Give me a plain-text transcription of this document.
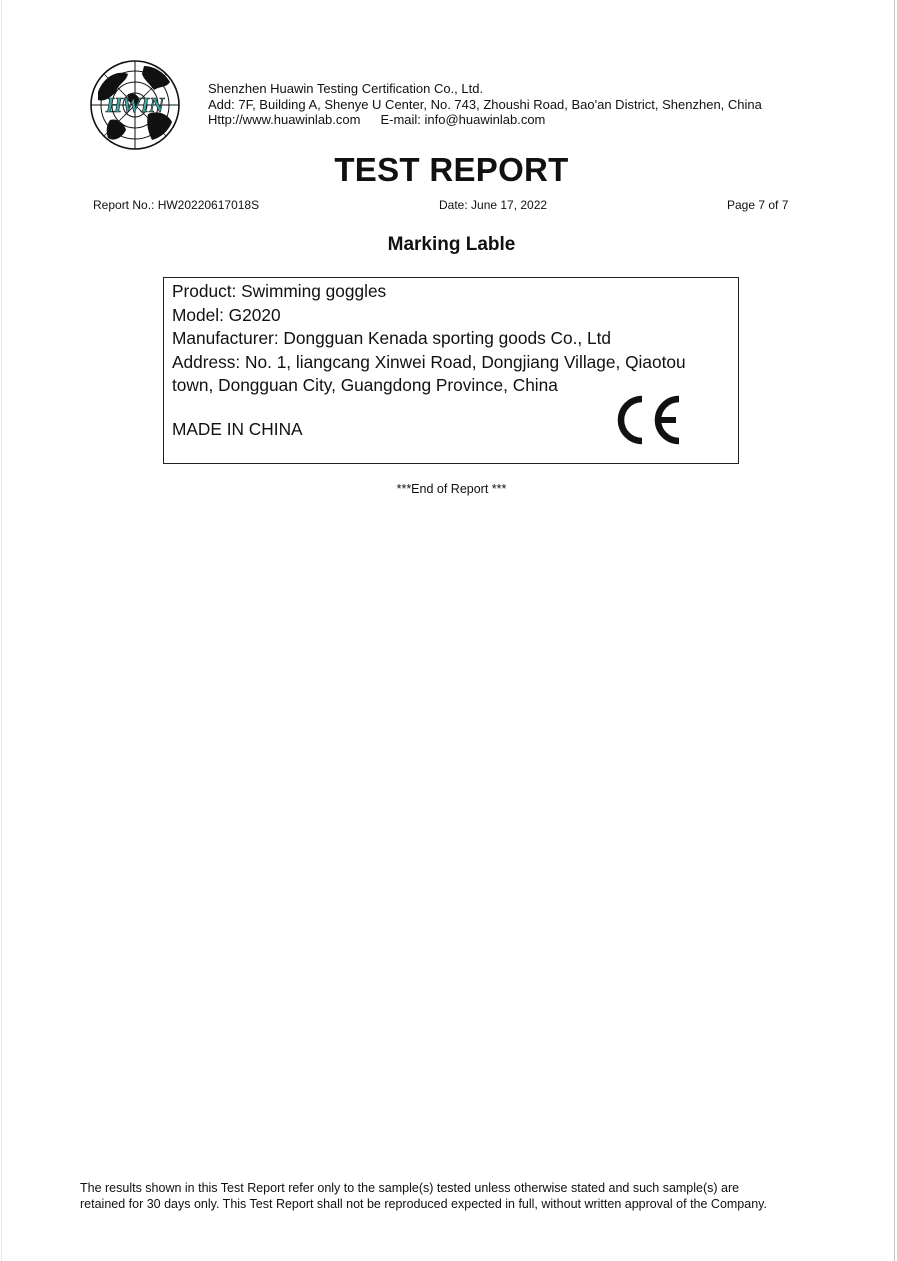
HWIN
Shenzhen Huawin Testing Certification Co., Ltd.
Add: 7F, Building A, Shenye U Center, No. 743, Zhoushi Road, Bao'an District, Shenzhen, China
Http://www.huawinlab.com E-mail: info@huawinlab.com
TEST REPORT
Report No.: HW20220617018S	Date: June 17, 2022	Page 7 of 7
Marking Lable
Product: Swimming goggles
Model: G2020
Manufacturer: Dongguan Kenada sporting goods Co., Ltd
Address: No. 1, liangcang Xinwei Road, Dongjiang Village, Qiaotou
town, Dongguan City, Guangdong Province, China
MADE IN CHINA
***End of Report ***
The results shown in this Test Report refer only to the sample(s) tested unless otherwise stated and such sample(s) are
retained for 30 days only. This Test Report shall not be reproduced expected in full, without written approval of the Company.
